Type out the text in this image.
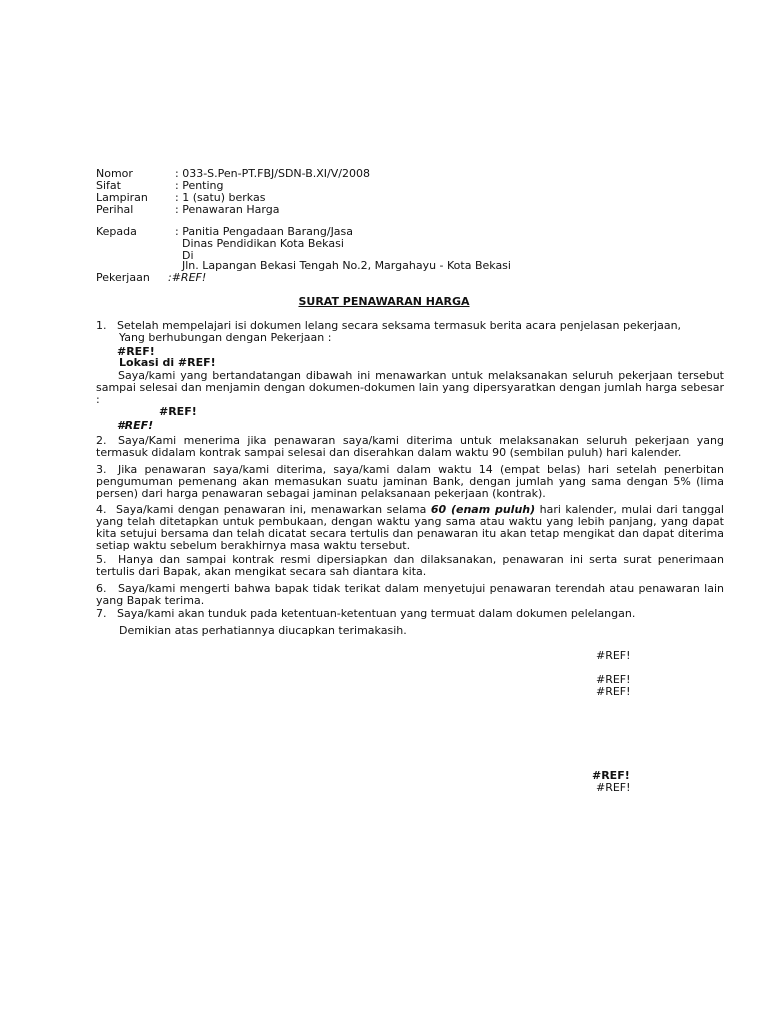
Nomor	: 033-S.Pen-PT.FBJ/SDN-B.XI/V/2008
Sifat	: Penting
Lampiran : 1 (satu) berkas
Perihal	: Penawaran Harga
Kepada	: Panitia Pengadaan Barang/Jasa
Dinas Pendidikan Kota Bekasi
Di
Jln. Lapangan Bekasi Tengah No.2, Margahayu - Kota Bekasi
Pekerjaan :#REF!
SURAT PENAWARAN HARGA
1. Setelah mempelajari isi dokumen lelang secara seksama termasuk berita acara penjelasan pekerjaan,
Yang berhubungan dengan Pekerjaan :
#REF!
Lokasi di #REF!
Saya/kami yang bertandatangan dibawah ini menawarkan untuk melaksanakan seluruh pekerjaan tersebut sampai selesai dan menjamin dengan dokumen-dokumen lain yang dipersyaratkan dengan jumlah harga sebesar :
#REF!
#REF!
2.	Saya/Kami menerima jika penawaran saya/kami diterima untuk melaksanakan seluruh pekerjaan yang termasuk didalam kontrak sampai selesai dan diserahkan dalam waktu 90 (sembilan puluh) hari kalender.
3.	Jika penawaran saya/kami diterima, saya/kami dalam waktu 14 (empat belas) hari setelah penerbitan pengumuman pemenang akan memasukan suatu jaminan Bank, dengan jumlah yang sama dengan 5% (lima persen) dari harga penawaran sebagai jaminan pelaksanaan pekerjaan (kontrak).
4. Saya/kami dengan penawaran ini, menawarkan selama 60 (enam puluh) hari kalender, mulai dari tanggal yang telah ditetapkan untuk pembukaan, dengan waktu yang sama atau waktu yang lebih panjang, yang dapat kita setujui bersama dan telah dicatat secara tertulis dan penawaran itu akan tetap mengikat dan dapat diterima setiap waktu sebelum berakhirnya masa waktu tersebut.
5.	Hanya dan sampai kontrak resmi dipersiapkan dan dilaksanakan, penawaran ini serta surat penerimaan tertulis dari Bapak, akan mengikat secara sah diantara kita.
6.	Saya/kami mengerti bahwa bapak tidak terikat dalam menyetujui penawaran terendah atau penawaran lain yang Bapak terima.
7. Saya/kami akan tunduk pada ketentuan-ketentuan yang termuat dalam dokumen pelelangan.
Demikian atas perhatiannya diucapkan terimakasih.
#REF!
#REF!
#REF!
#REF!
#REF!
